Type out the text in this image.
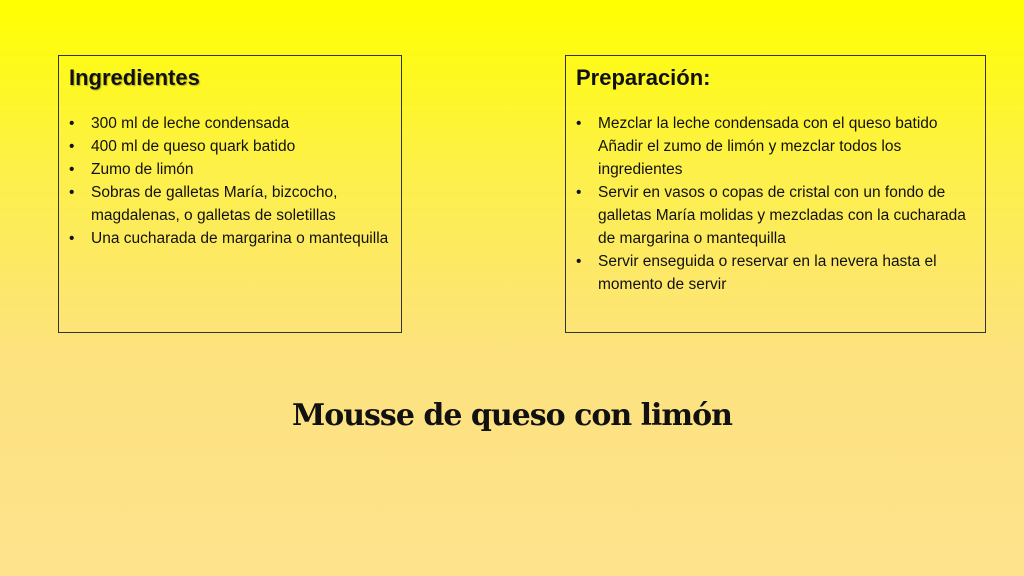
Ingredientes
• 300 ml de leche condensada
• 400 ml de queso quark batido
• Zumo de limón
• Sobras de galletas María, bizcocho, magdalenas, o galletas de soletillas
• Una cucharada de margarina o mantequilla
Preparación:
• Mezclar la leche condensada con el queso batido Añadir el zumo de limón y mezclar todos los ingredientes
• Servir en vasos o copas de cristal con un fondo de galletas María molidas y mezcladas con la cucharada de margarina o mantequilla
• Servir enseguida o reservar en la nevera hasta el momento de servir
Mousse de queso con limón
